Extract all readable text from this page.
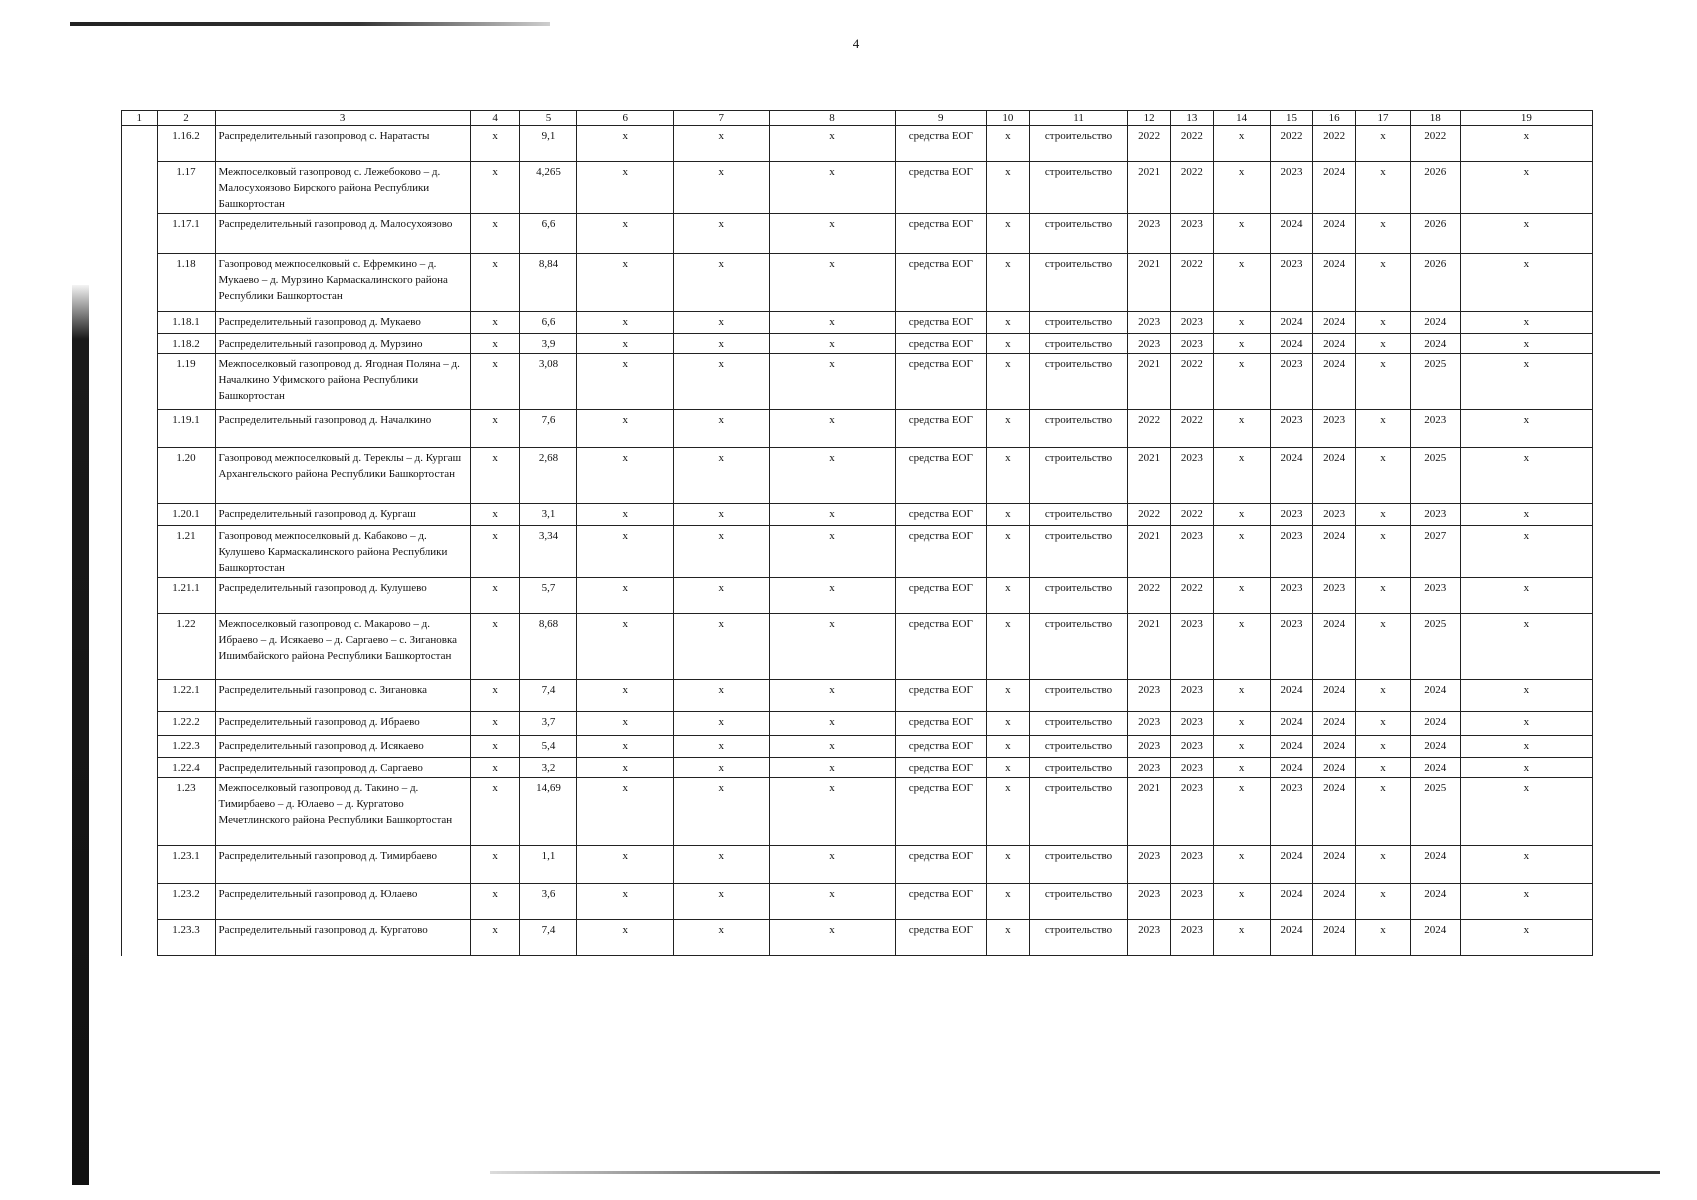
4
1	2	3	4	5	6	7	8	9	10	11	12	13	14	15	16	17	18	19
	1.16.2	Распределительный газопровод с. Наратасты	x	9,1	x	x	x	средства ЕОГ	x	строительство	2022	2022	x	2022	2022	x	2022	x
	1.17	Межпоселковый газопровод с. Лежебоково – д. Малосухоязово Бирского района Республики Башкортостан	x	4,265	x	x	x	средства ЕОГ	x	строительство	2021	2022	x	2023	2024	x	2026	x
	1.17.1	Распределительный газопровод д. Малосухоязово	x	6,6	x	x	x	средства ЕОГ	x	строительство	2023	2023	x	2024	2024	x	2026	x
	1.18	Газопровод межпоселковый с. Ефремкино – д. Мукаево – д. Мурзино Кармаскалинского района Республики Башкортостан	x	8,84	x	x	x	средства ЕОГ	x	строительство	2021	2022	x	2023	2024	x	2026	x
	1.18.1	Распределительный газопровод д. Мукаево	x	6,6	x	x	x	средства ЕОГ	x	строительство	2023	2023	x	2024	2024	x	2024	x
	1.18.2	Распределительный газопровод д. Мурзино	x	3,9	x	x	x	средства ЕОГ	x	строительство	2023	2023	x	2024	2024	x	2024	x
	1.19	Межпоселковый газопровод д. Ягодная Поляна – д. Началкино Уфимского района Республики Башкортостан	x	3,08	x	x	x	средства ЕОГ	x	строительство	2021	2022	x	2023	2024	x	2025	x
	1.19.1	Распределительный газопровод д. Началкино	x	7,6	x	x	x	средства ЕОГ	x	строительство	2022	2022	x	2023	2023	x	2023	x
	1.20	Газопровод межпоселковый д. Тереклы – д. Кургаш Архангельского района Республики Башкортостан	x	2,68	x	x	x	средства ЕОГ	x	строительство	2021	2023	x	2024	2024	x	2025	x
	1.20.1	Распределительный газопровод д. Кургаш	x	3,1	x	x	x	средства ЕОГ	x	строительство	2022	2022	x	2023	2023	x	2023	x
	1.21	Газопровод межпоселковый д. Кабаково – д. Кулушево Кармаскалинского района Республики Башкортостан	x	3,34	x	x	x	средства ЕОГ	x	строительство	2021	2023	x	2023	2024	x	2027	x
	1.21.1	Распределительный газопровод д. Кулушево	x	5,7	x	x	x	средства ЕОГ	x	строительство	2022	2022	x	2023	2023	x	2023	x
	1.22	Межпоселковый газопровод с. Макарово – д. Ибраево – д. Исякаево – д. Саргаево – с. Зигановка Ишимбайского района Республики Башкортостан	x	8,68	x	x	x	средства ЕОГ	x	строительство	2021	2023	x	2023	2024	x	2025	x
	1.22.1	Распределительный газопровод с. Зигановка	x	7,4	x	x	x	средства ЕОГ	x	строительство	2023	2023	x	2024	2024	x	2024	x
	1.22.2	Распределительный газопровод д. Ибраево	x	3,7	x	x	x	средства ЕОГ	x	строительство	2023	2023	x	2024	2024	x	2024	x
	1.22.3	Распределительный газопровод д. Исякаево	x	5,4	x	x	x	средства ЕОГ	x	строительство	2023	2023	x	2024	2024	x	2024	x
	1.22.4	Распределительный газопровод д. Саргаево	x	3,2	x	x	x	средства ЕОГ	x	строительство	2023	2023	x	2024	2024	x	2024	x
	1.23	Межпоселковый газопровод д. Такино – д. Тимирбаево – д. Юлаево – д. Кургатово Мечетлинского района Республики Башкортостан	x	14,69	x	x	x	средства ЕОГ	x	строительство	2021	2023	x	2023	2024	x	2025	x
	1.23.1	Распределительный газопровод д. Тимирбаево	x	1,1	x	x	x	средства ЕОГ	x	строительство	2023	2023	x	2024	2024	x	2024	x
	1.23.2	Распределительный газопровод д. Юлаево	x	3,6	x	x	x	средства ЕОГ	x	строительство	2023	2023	x	2024	2024	x	2024	x
	1.23.3	Распределительный газопровод д. Кургатово	x	7,4	x	x	x	средства ЕОГ	x	строительство	2023	2023	x	2024	2024	x	2024	x
